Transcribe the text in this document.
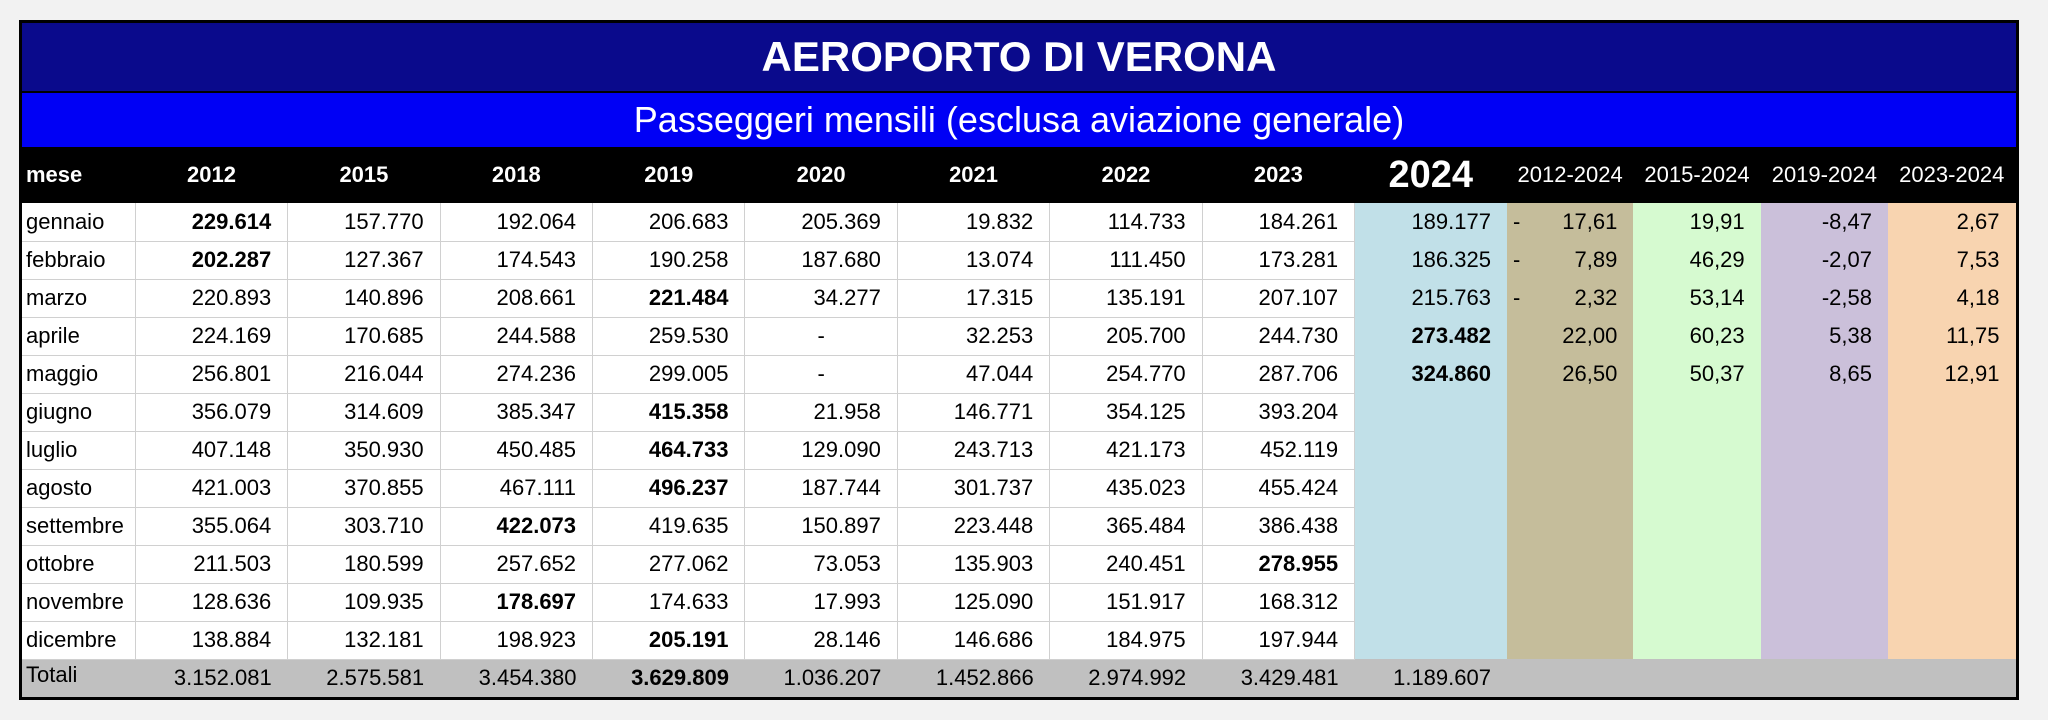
AEROPORTO DI VERONA
Passeggeri mensili (esclusa aviazione generale)
mese	2012	2015	2018	2019	2020	2021	2022	2023	2024	2012-2024	2015-2024	2019-2024	2023-2024
gennaio	229.614	157.770	192.064	206.683	205.369	19.832	114.733	184.261	189.177	- 17,61	19,91	-8,47	2,67
febbraio	202.287	127.367	174.543	190.258	187.680	13.074	111.450	173.281	186.325	- 7,89	46,29	-2,07	7,53
marzo	220.893	140.896	208.661	221.484	34.277	17.315	135.191	207.107	215.763	- 2,32	53,14	-2,58	4,18
aprile	224.169	170.685	244.588	259.530	-	32.253	205.700	244.730	273.482	22,00	60,23	5,38	11,75
maggio	256.801	216.044	274.236	299.005	-	47.044	254.770	287.706	324.860	26,50	50,37	8,65	12,91
giugno	356.079	314.609	385.347	415.358	21.958	146.771	354.125	393.204		

luglio	407.148	350.930	450.485	464.733	129.090	243.713	421.173	452.119		

agosto	421.003	370.855	467.111	496.237	187.744	301.737	435.023	455.424		

settembre	355.064	303.710	422.073	419.635	150.897	223.448	365.484	386.438		

ottobre	211.503	180.599	257.652	277.062	73.053	135.903	240.451	278.955		

novembre	128.636	109.935	178.697	174.633	17.993	125.090	151.917	168.312		

dicembre	138.884	132.181	198.923	205.191	28.146	146.686	184.975	197.944		

Totali	3.152.081	2.575.581	3.454.380	3.629.809	1.036.207	1.452.866	2.974.992	3.429.481	1.189.607				
